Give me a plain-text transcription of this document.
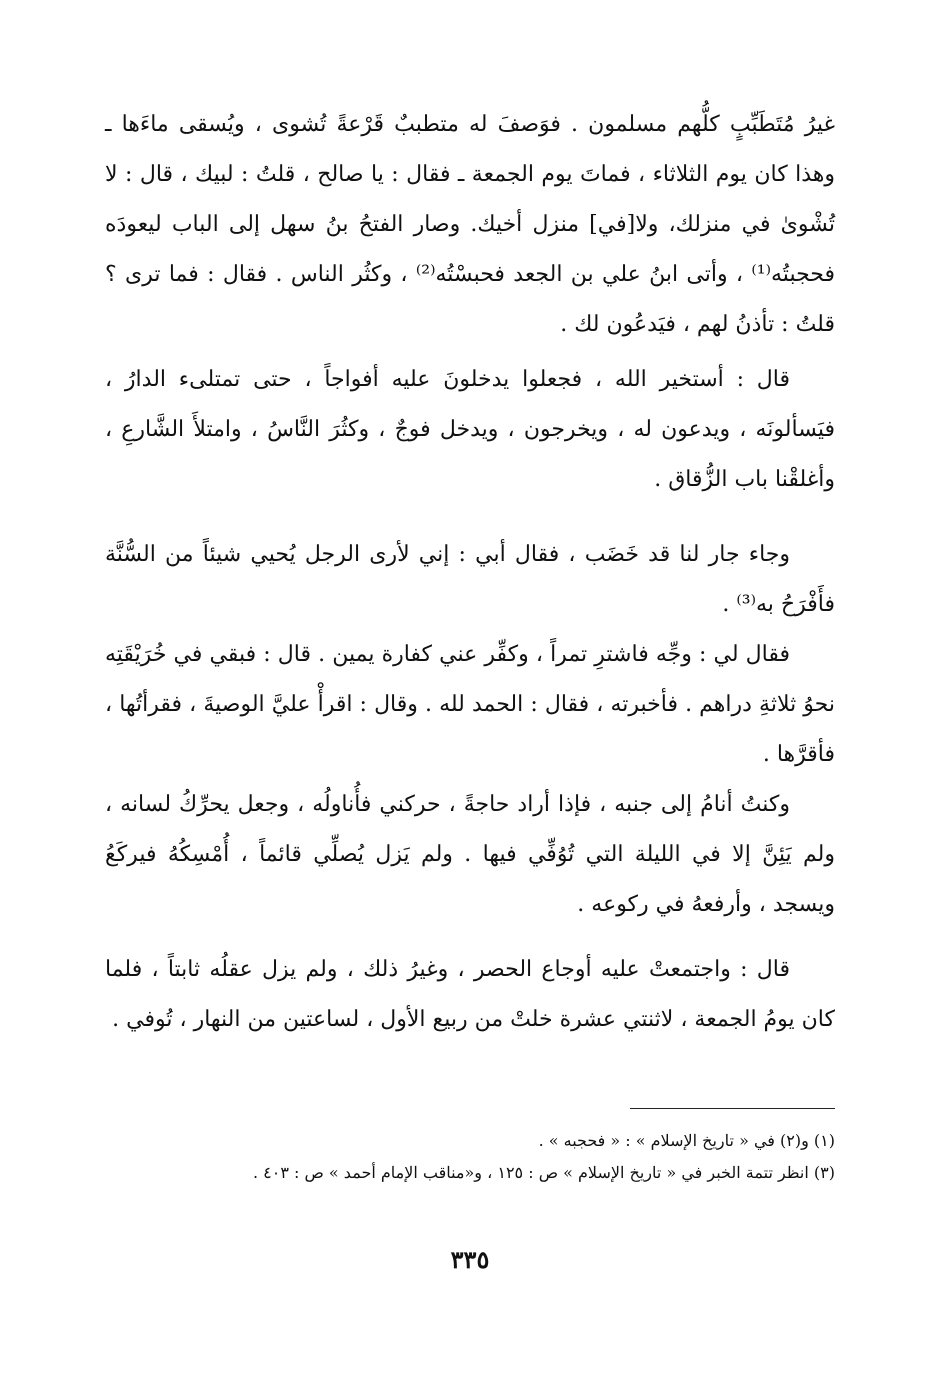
غيرُ مُتَطَبِّبٍ كلُّهم مسلمون . فوَصفَ له متطببٌ قَرْعةً تُشوى ، ويُسقى ماءَها ـ وهذا كان يوم الثلاثاء ، فماتَ يوم الجمعة ـ فقال : يا صالح ، قلتُ : لبيك ، قال : لا تُشْوىٰ في منزلك، ولا[في] منزل أخيك. وصار الفتحُ بنُ سهل إلى الباب ليعودَه فحجبتُه⁽¹⁾ ، وأتى ابنُ علي بن الجعد فحبسْتُه⁽²⁾ ، وكثُر الناس . فقال : فما ترى ؟ قلتُ : تأذنُ لهم ، فيَدعُون لك .

قال : أستخير الله ، فجعلوا يدخلونَ عليه أفواجاً ، حتى تمتلىء الدارُ ، فيَسألونَه ، ويدعون له ، ويخرجون ، ويدخل فوجٌ ، وكثُرَ النَّاسُ ، وامتلأَ الشَّارعِ ، وأغلقْنا باب الزُّقاق .

وجاء جار لنا قد خَضَب ، فقال أبي : إني لأرى الرجل يُحيي شيئاً من السُّنَّة فأَفْرَحُ به⁽³⁾ .

فقال لي : وجِّه فاشترِ تمراً ، وكفِّر عني كفارة يمين . قال : فبقي في خُرَيْقَتِه نحوُ ثلاثةِ دراهم . فأخبرته ، فقال : الحمد لله . وقال : اقرأْ عليَّ الوصيةَ ، فقرأتُها ، فأقرَّها .

وكنتُ أنامُ إلى جنبه ، فإذا أراد حاجةً ، حركني فأُناولُه ، وجعل يحرِّكُ لسانه ، ولم يَئِنَّ إلا في الليلة التي تُوُفِّي فيها . ولم يَزل يُصلِّي قائماً ، أُمْسِكُهُ فيركَعُ ويسجد ، وأرفعهُ في ركوعه .

قال : واجتمعتْ عليه أوجاع الحصر ، وغيرُ ذلك ، ولم يزل عقلُه ثابتاً ، فلما كان يومُ الجمعة ، لاثنتي عشرة خلتْ من ربيع الأول ، لساعتين من النهار ، تُوفي .

(١) و(٢) في « تاريخ الإسلام » : « فحجبه » .

(٣) انظر تتمة الخبر في « تاريخ الإسلام » ص : ١٢٥ ، و«مناقب الإمام أحمد » ص : ٤٠٣ .

٣٣٥
